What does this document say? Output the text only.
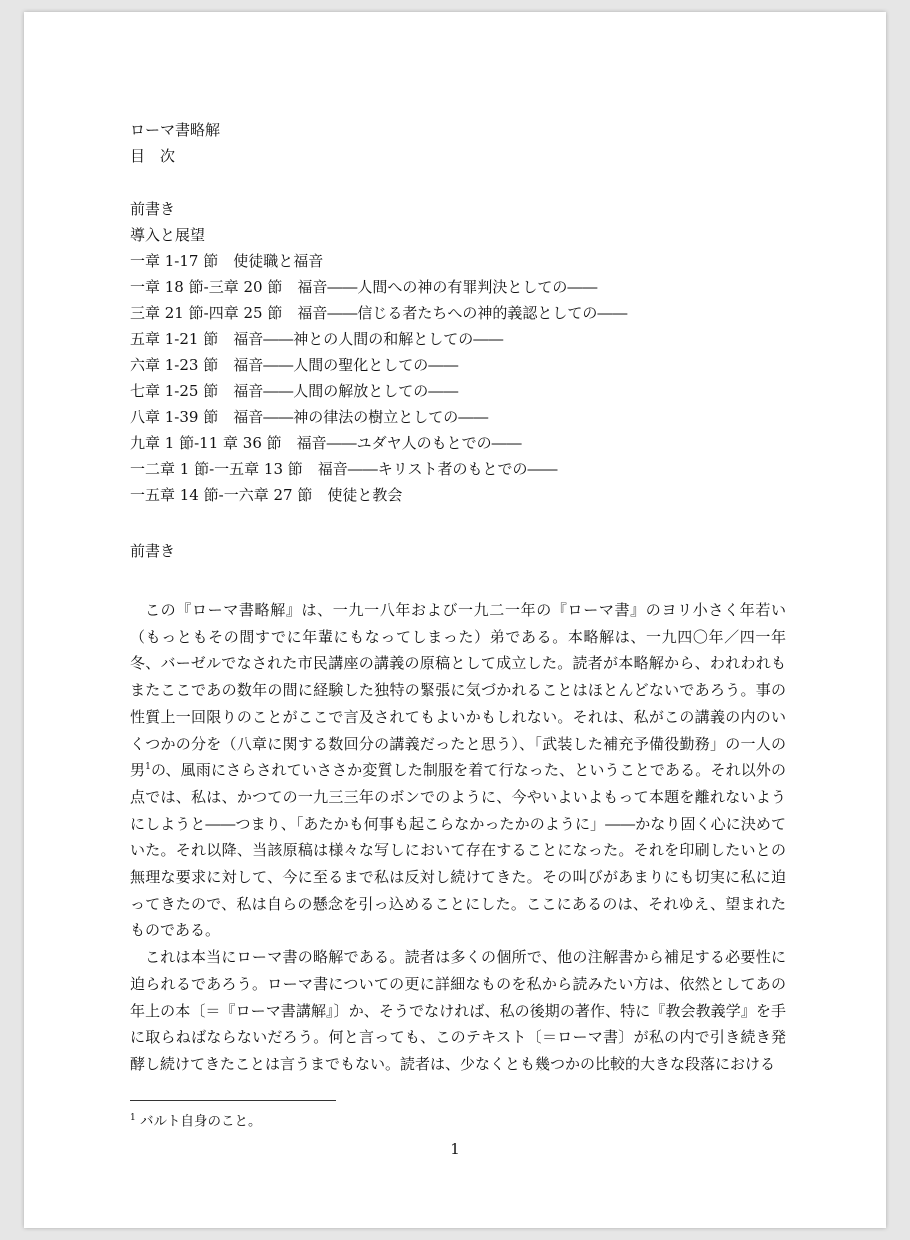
ローマ書略解
目　次
前書き
導入と展望
一章 1-17 節　使徒職と福音
一章 18 節-三章 20 節　福音――人間への神の有罪判決としての――
三章 21 節-四章 25 節　福音――信じる者たちへの神的義認としての――
五章 1-21 節　福音――神との人間の和解としての――
六章 1-23 節　福音――人間の聖化としての――
七章 1-25 節　福音――人間の解放としての――
八章 1-39 節　福音――神の律法の樹立としての――
九章 1 節-11 章 36 節　福音――ユダヤ人のもとでの――
一二章 1 節-一五章 13 節　福音――キリスト者のもとでの――
一五章 14 節-一六章 27 節　使徒と教会
前書き

この『ローマ書略解』は、一九一八年および一九二一年の『ローマ書』のヨリ小さく年若い（もっともその間すでに年輩にもなってしまった）弟である。本略解は、一九四〇年／四一年冬、バーゼルでなされた市民講座の講義の原稿として成立した。読者が本略解から、われわれもまたここであの数年の間に経験した独特の緊張に気づかれることはほとんどないであろう。事の性質上一回限りのことがここで言及されてもよいかもしれない。それは、私がこの講義の内のいくつかの分を（八章に関する数回分の講義だったと思う）、「武装した補充予備役勤務」の一人の男$^1$の、風雨にさらされていささか変質した制服を着て行なった、ということである。それ以外の点では、私は、かつての一九三三年のボンでのように、今やいよいよもって本題を離れないようにしようと――つまり、「あたかも何事も起こらなかったかのように」――かなり固く心に決めていた。それ以降、当該原稿は様々な写しにおいて存在することになった。それを印刷したいとの無理な要求に対して、今に至るまで私は反対し続けてきた。その叫びがあまりにも切実に私に迫ってきたので、私は自らの懸念を引っ込めることにした。ここにあるのは、それゆえ、望まれたものである。

これは本当にローマ書の略解である。読者は多くの個所で、他の注解書から補足する必要性に迫られるであろう。ローマ書についての更に詳細なものを私から読みたい方は、依然としてあの年上の本〔＝『ローマ書講解』〕か、そうでなければ、私の後期の著作、特に『教会教義学』を手に取らねばならないだろう。何と言っても、このテキスト〔＝ローマ書〕が私の内で引き続き発酵し続けてきたことは言うまでもない。読者は、少なくとも幾つかの比較的大きな段落における

$^1$ バルト自身のこと。
1
